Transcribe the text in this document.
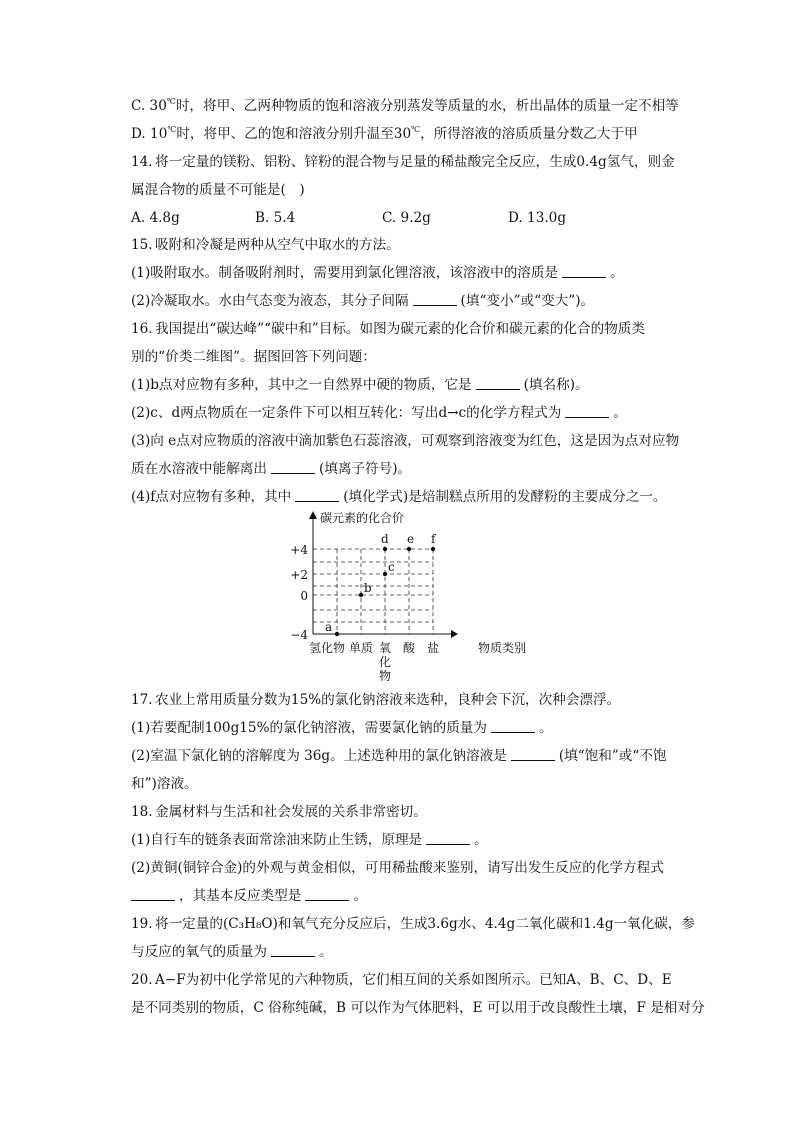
C. 30℃时，将甲、乙两种物质的饱和溶液分别蒸发等质量的水，析出晶体的质量一定不相等
D. 10℃时，将甲、乙的饱和溶液分别升温至30℃，所得溶液的溶质质量分数乙大于甲
14. 将一定量的镁粉、铝粉、锌粉的混合物与足量的稀盐酸完全反应，生成0.4g氢气，则金
属混合物的质量不可能是(　)
A. 4.8g	B. 5.4	C. 9.2g	D. 13.0g
15. 吸附和冷凝是两种从空气中取水的方法。
(1)吸附取水。制备吸附剂时，需要用到氯化锂溶液，该溶液中的溶质是	。
(2)冷凝取水。水由气态变为液态，其分子间隔	(填“变小”或“变大”)。
16. 我国提出“碳达峰”“碳中和”目标。如图为碳元素的化合价和碳元素的化合的物质类
别的“价类二维图”。据图回答下列问题：
(1)b点对应物有多种，其中之一自然界中硬的物质，它是	(填名称)。
(2)c、d两点物质在一定条件下可以相互转化：写出d→c的化学方程式为	。
(3)向 e点对应物质的溶液中滴加紫色石蕊溶液，可观察到溶液变为红色，这是因为点对应物
质在水溶液中能解离出	(填离子符号)。
(4)f点对应物有多种，其中	(填化学式)是焙制糕点所用的发酵粉的主要成分之一。
碳元素的化合价
物质类别
+4
+2
0
−4
氢化物 单质 氧
化
物
酸 盐
a
b
c
d e f
17. 农业上常用质量分数为15%的氯化钠溶液来选种，良种会下沉，次种会漂浮。
(1)若要配制100g15%的氯化钠溶液，需要氯化钠的质量为	。
(2)室温下氯化钠的溶解度为 36g。上述选种用的氯化钠溶液是	(填“饱和”或“不饱
和”)溶液。
18. 金属材料与生活和社会发展的关系非常密切。
(1)自行车的链条表面常涂油来防止生锈，原理是	。
(2)黄铜(铜锌合金)的外观与黄金相似，可用稀盐酸来鉴别，请写出发生反应的化学方程式
，其基本反应类型是	。
19. 将一定量的(C₃H₈O)和氧气充分反应后，生成3.6g水、4.4g二氧化碳和1.4g一氧化碳，参
与反应的氧气的质量为	。
20. A−F为初中化学常见的六种物质，它们相互间的关系如图所示。已知A、B、C、D、E
是不同类别的物质，C 俗称纯碱，B 可以作为气体肥料，E 可以用于改良酸性土壤，F 是相对分
